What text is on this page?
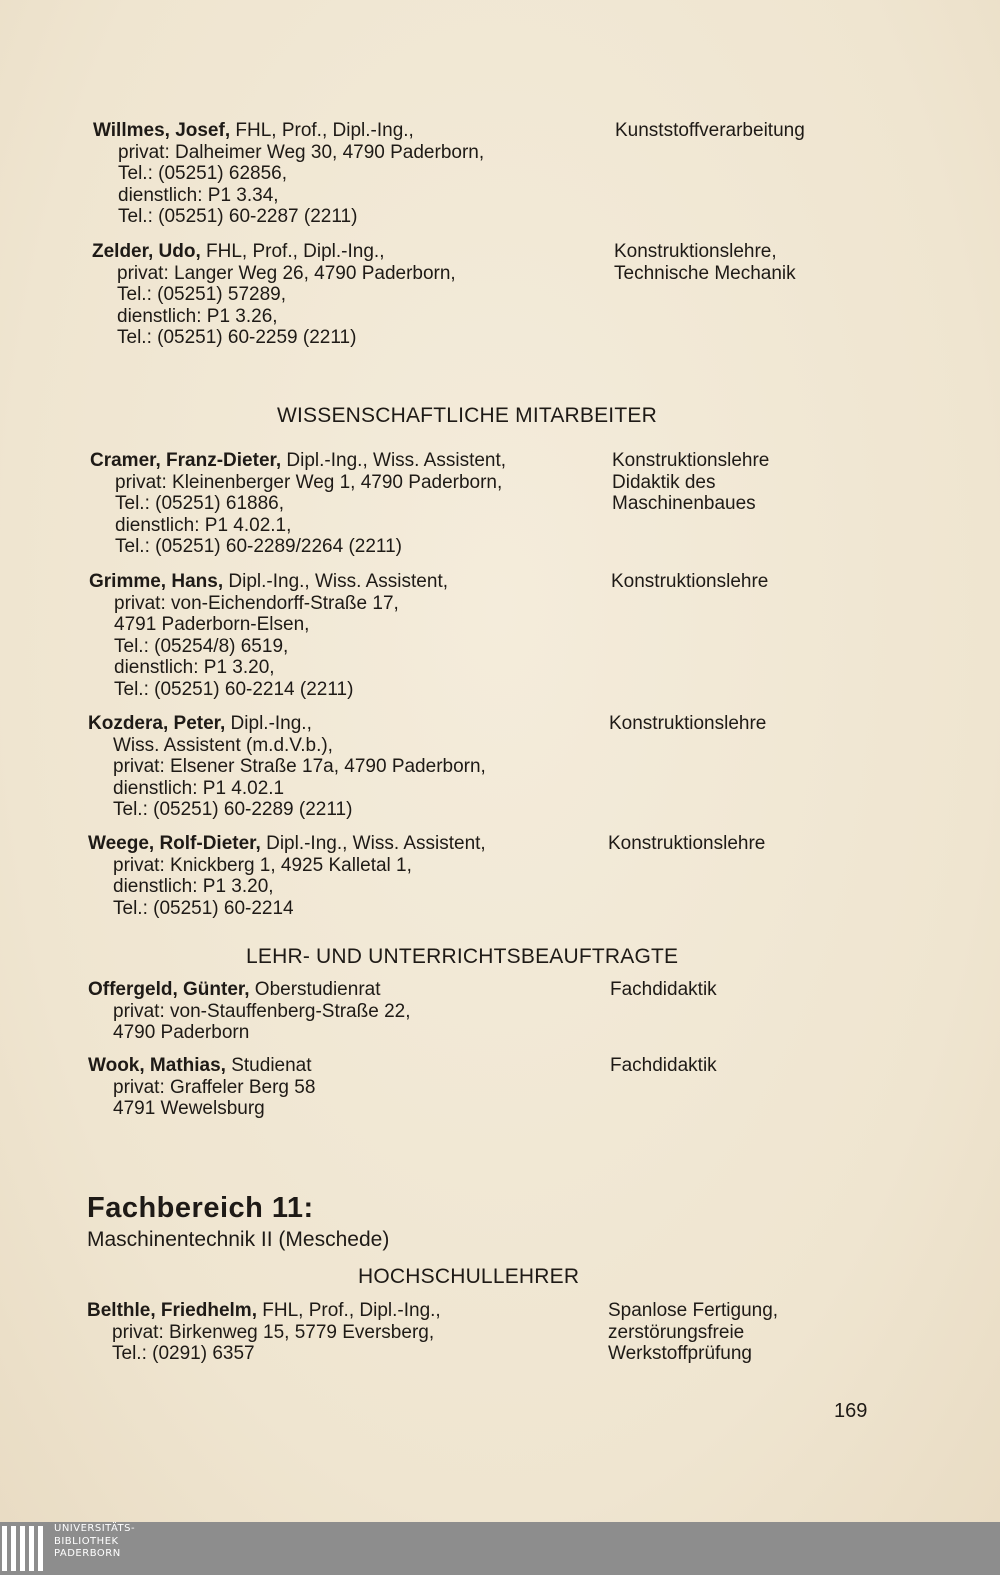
Willmes, Josef, FHL, Prof., Dipl.-Ing.,
privat: Dalheimer Weg 30, 4790 Paderborn,
Tel.: (05251) 62856,
dienstlich: P1 3.34,
Tel.: (05251) 60-2287 (2211)
Kunststoffverarbeitung
Zelder, Udo, FHL, Prof., Dipl.-Ing.,
privat: Langer Weg 26, 4790 Paderborn,
Tel.: (05251) 57289,
dienstlich: P1 3.26,
Tel.: (05251) 60-2259 (2211)
Konstruktionslehre,
Technische Mechanik
WISSENSCHAFTLICHE MITARBEITER
Cramer, Franz-Dieter, Dipl.-Ing., Wiss. Assistent,
privat: Kleinenberger Weg 1, 4790 Paderborn,
Tel.: (05251) 61886,
dienstlich: P1 4.02.1,
Tel.: (05251) 60-2289/2264 (2211)
Konstruktionslehre
Didaktik des
Maschinenbaues
Grimme, Hans, Dipl.-Ing., Wiss. Assistent,
privat: von-Eichendorff-Straße 17,
4791 Paderborn-Elsen,
Tel.: (05254/8) 6519,
dienstlich: P1 3.20,
Tel.: (05251) 60-2214 (2211)
Konstruktionslehre
Kozdera, Peter, Dipl.-Ing.,
Wiss. Assistent (m.d.V.b.),
privat: Elsener Straße 17a, 4790 Paderborn,
dienstlich: P1 4.02.1
Tel.: (05251) 60-2289 (2211)
Konstruktionslehre
Weege, Rolf-Dieter, Dipl.-Ing., Wiss. Assistent,
privat: Knickberg 1, 4925 Kalletal 1,
dienstlich: P1 3.20,
Tel.: (05251) 60-2214
Konstruktionslehre
LEHR- UND UNTERRICHTSBEAUFTRAGTE
Offergeld, Günter, Oberstudienrat
privat: von-Stauffenberg-Straße 22,
4790 Paderborn
Fachdidaktik
Wook, Mathias, Studienat
privat: Graffeler Berg 58
4791 Wewelsburg
Fachdidaktik
Fachbereich 11:
Maschinentechnik II (Meschede)
HOCHSCHULLEHRER
Belthle, Friedhelm, FHL, Prof., Dipl.-Ing.,
privat: Birkenweg 15, 5779 Eversberg,
Tel.: (0291) 6357
Spanlose Fertigung,
zerstörungsfreie
Werkstoffprüfung
169
UNIVERSITÄTS-
BIBLIOTHEK
PADERBORN
